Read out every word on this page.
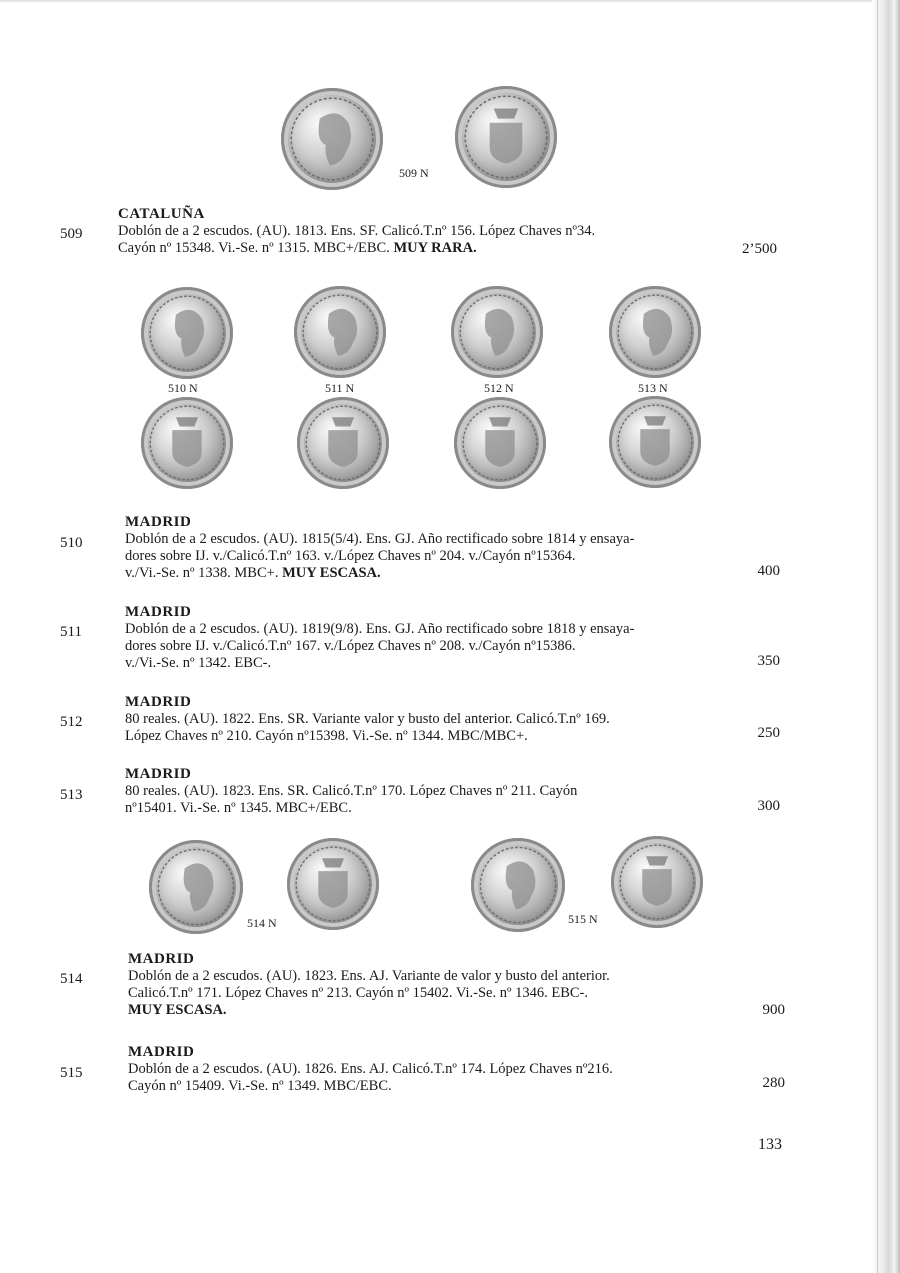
509 N
510 N	511 N	512 N	513 N
514 N	515 N
CATALUÑA
509 Doblón de a 2 escudos. (AU). 1813. Ens. SF. Calicó.T.nº 156. López Chaves nº34.
Cayón nº 15348. Vi.-Se. nº 1315. MBC+/EBC. MUY RARA.	2’500
MADRID
510	Doblón de a 2 escudos. (AU). 1815(5/4). Ens. GJ. Año rectificado sobre 1814 y ensaya-
dores sobre IJ. v./Calicó.T.nº 163. v./López Chaves nº 204. v./Cayón nº15364.
v./Vi.-Se. nº 1338. MBC+. MUY ESCASA.	400
MADRID
511	Doblón de a 2 escudos. (AU). 1819(9/8). Ens. GJ. Año rectificado sobre 1818 y ensaya-
dores sobre IJ. v./Calicó.T.nº 167. v./López Chaves nº 208. v./Cayón nº15386.
v./Vi.-Se. nº 1342. EBC-.	350
MADRID
512	80 reales. (AU). 1822. Ens. SR. Variante valor y busto del anterior. Calicó.T.nº 169.
López Chaves nº 210. Cayón nº15398. Vi.-Se. nº 1344. MBC/MBC+.	250
MADRID
513	80 reales. (AU). 1823. Ens. SR. Calicó.T.nº 170. López Chaves nº 211. Cayón
nº15401. Vi.-Se. nº 1345. MBC+/EBC.	300
MADRID
514	Doblón de a 2 escudos. (AU). 1823. Ens. AJ. Variante de valor y busto del anterior.
Calicó.T.nº 171. López Chaves nº 213. Cayón nº 15402. Vi.-Se. nº 1346. EBC-.
MUY ESCASA.	900
MADRID
515	Doblón de a 2 escudos. (AU). 1826. Ens. AJ. Calicó.T.nº 174. López Chaves nº216.
Cayón nº 15409. Vi.-Se. nº 1349. MBC/EBC.	280
133
